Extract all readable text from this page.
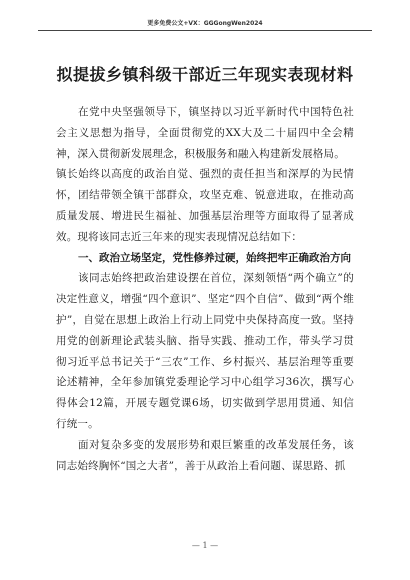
更多免费公文+VX：GGGongWen2024
拟提拔乡镇科级干部近三年现实表现材料

在党中央坚强领导下，镇坚持以习近平新时代中国特色社会主义思想为指导，全面贯彻党的XX大及二十届四中全会精神，深入贯彻新发展理念，积极服务和融入构建新发展格局。

镇长始终以高度的政治自觉、强烈的责任担当和深厚的为民情怀，团结带领全镇干部群众，攻坚克难、锐意进取，在推动高质量发展、增进民生福祉、加强基层治理等方面取得了显著成效。现将该同志近三年来的现实表现情况总结如下：

一、政治立场坚定，党性修养过硬，始终把牢正确政治方向

该同志始终把政治建设摆在首位，深刻领悟“两个确立”的决定性意义，增强“四个意识”、坚定“四个自信”、做到“两个维护”，自觉在思想上政治上行动上同党中央保持高度一致。坚持用党的创新理论武装头脑、指导实践、推动工作，带头学习贯彻习近平总书记关于“三农”工作、乡村振兴、基层治理等重要论述精神，全年参加镇党委理论学习中心组学习36次，撰写心得体会12篇，开展专题党课6场，切实做到学思用贯通、知信行统一。

面对复杂多变的发展形势和艰巨繁重的改革发展任务，该同志始终胸怀“国之大者”，善于从政治上看问题、谋思路、抓

— 1 —
